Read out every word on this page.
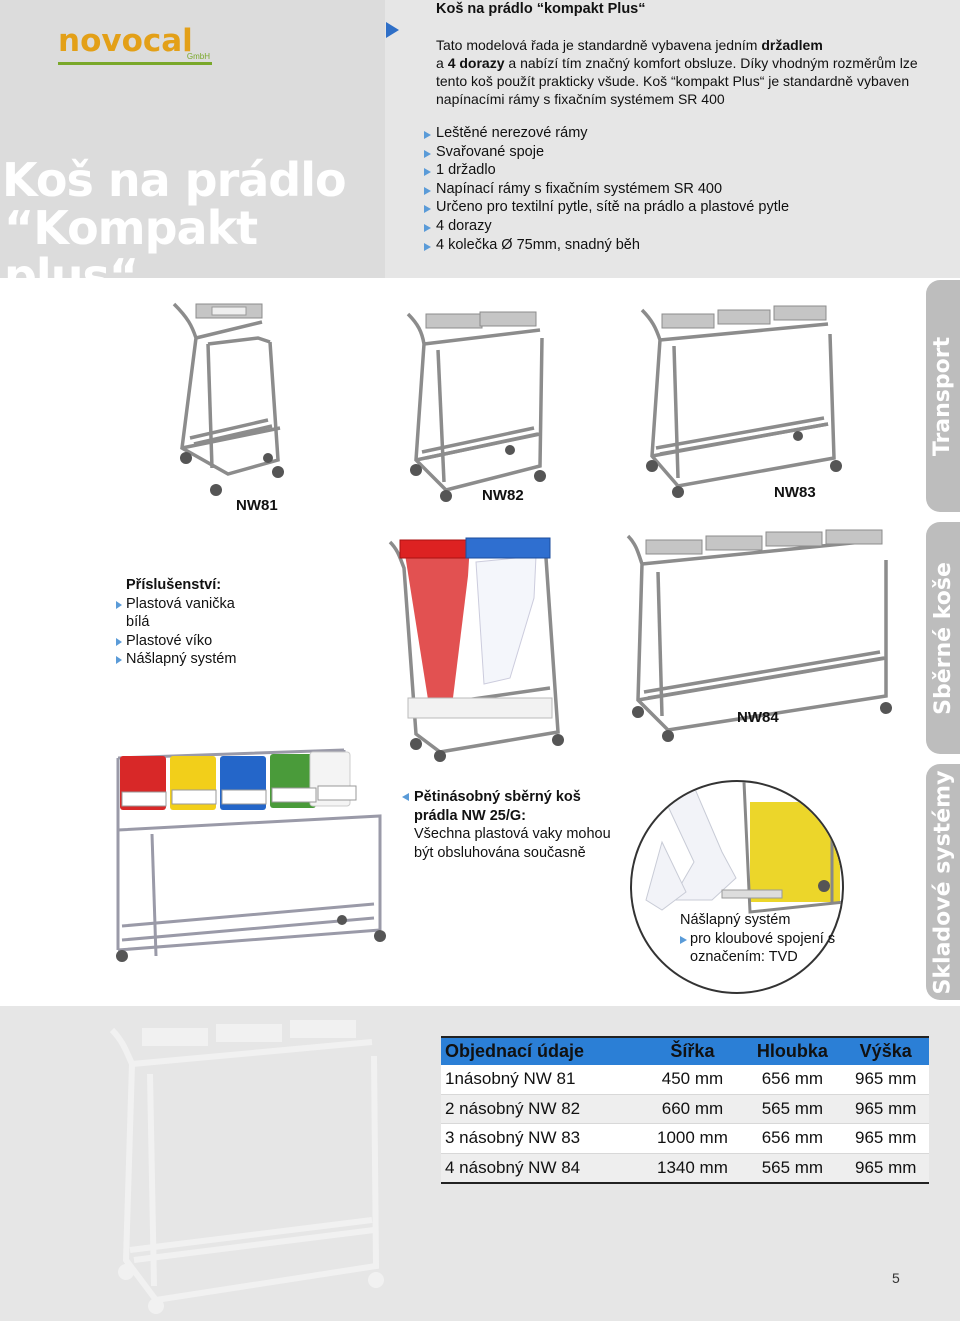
novocal
GmbH
Koš na prádlo
“Kompakt plus“
Koš na prádlo “kompakt Plus“

Tato modelová řada je standardně vybavena jedním držadlem
a 4 dorazy a nabízí tím značný komfort obsluze. Díky vhodným rozměrům lze tento koš použít prakticky všude. Koš “kompakt Plus“ je standardně vybaven napínacími rámy s fixačním systémem SR 400

Leštěné nerezové rámy
Svařované spoje
1 držadlo
Napínací rámy s fixačním systémem SR 400
Určeno pro textilní pytle, sítě na prádlo a plastové pytle
4 dorazy
4 kolečka Ø 75mm, snadný běh
Transport
Sběrné koše
Skladové systémy
NW81
NW82	NW83
NW84
Příslušenství:
Plastová vanička bílá
Plastové víko
Nášlapný systém
Pětinásobný sběrný koš prádla NW 25/G:
Všechna plastová vaky mohou být obsluhována současně
Nášlapný systém
pro kloubové spojení s označením: TVD
Objednací údaje	Šířka	Hloubka	Výška
1násobný NW 81	450 mm	656 mm	965 mm
2 násobný NW 82	660 mm	565 mm	965 mm
3 násobný NW 83	1000 mm	656 mm	965 mm
4 násobný NW 84	1340 mm	565 mm	965 mm
5
